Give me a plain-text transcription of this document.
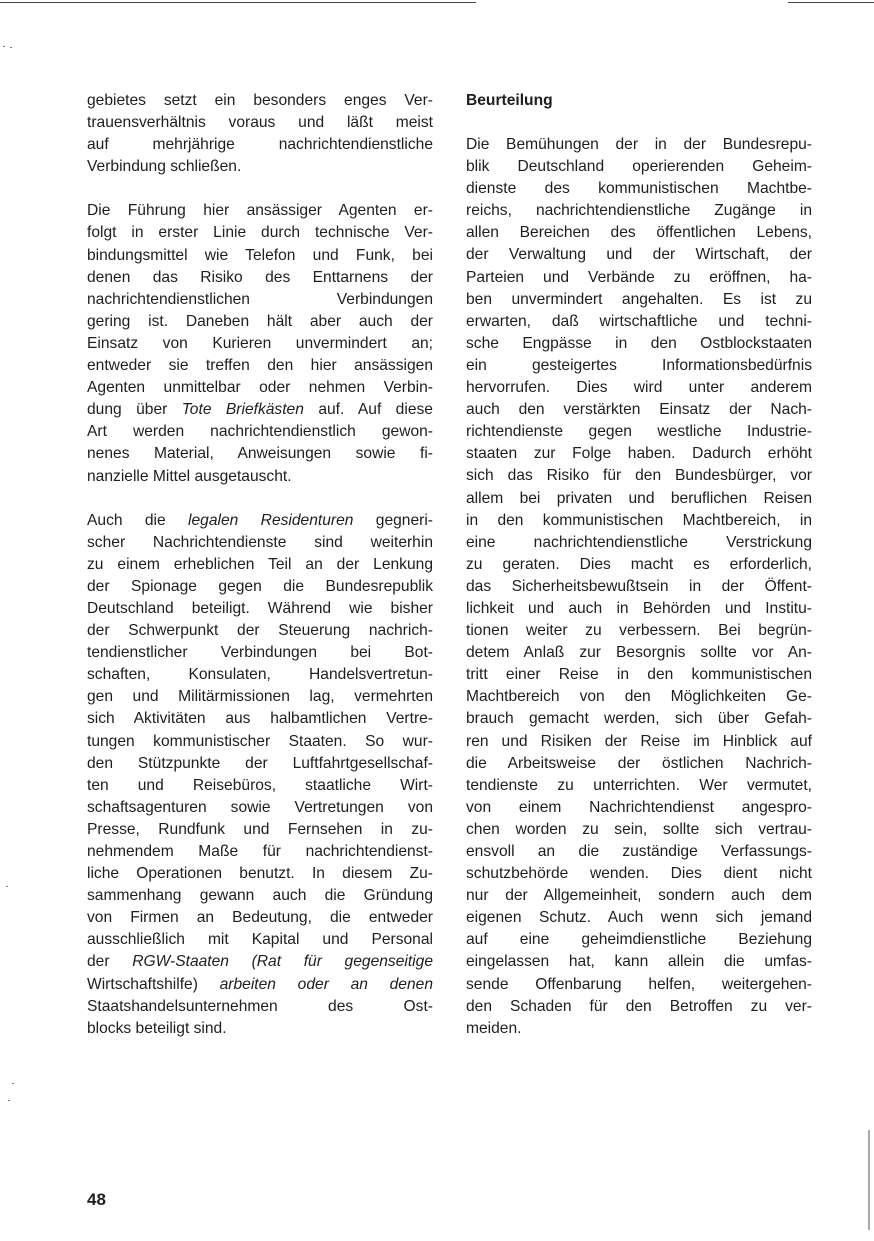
gebietes setzt ein besonders enges Ver-
trauensverhältnis voraus und läßt meist
auf mehrjährige nachrichtendienstliche
Verbindung schließen.
Die Führung hier ansässiger Agenten er-
folgt in erster Linie durch technische Ver-
bindungsmittel wie Telefon und Funk, bei
denen das Risiko des Enttarnens der
nachrichtendienstlichen Verbindungen
gering ist. Daneben hält aber auch der
Einsatz von Kurieren unvermindert an;
entweder sie treffen den hier ansässigen
Agenten unmittelbar oder nehmen Verbin-
dung über Tote Briefkästen auf. Auf diese
Art werden nachrichtendienstlich gewon-
nenes Material, Anweisungen sowie fi-
nanzielle Mittel ausgetauscht.
Auch die legalen Residenturen gegneri-
scher Nachrichtendienste sind weiterhin
zu einem erheblichen Teil an der Lenkung
der Spionage gegen die Bundesrepublik
Deutschland beteiligt. Während wie bisher
der Schwerpunkt der Steuerung nachrich-
tendienstlicher Verbindungen bei Bot-
schaften, Konsulaten, Handelsvertretun-
gen und Militärmissionen lag, vermehrten
sich Aktivitäten aus halbamtlichen Vertre-
tungen kommunistischer Staaten. So wur-
den Stützpunkte der Luftfahrtgesellschaf-
ten und Reisebüros, staatliche Wirt-
schaftsagenturen sowie Vertretungen von
Presse, Rundfunk und Fernsehen in zu-
nehmendem Maße für nachrichtendienst-
liche Operationen benutzt. In diesem Zu-
sammenhang gewann auch die Gründung
von Firmen an Bedeutung, die entweder
ausschließlich mit Kapital und Personal
der RGW-Staaten (Rat für gegenseitige
Wirtschaftshilfe) arbeiten oder an denen
Staatshandelsunternehmen des Ost-
blocks beteiligt sind.

Beurteilung

Die Bemühungen der in der Bundesrepu-
blik Deutschland operierenden Geheim-
dienste des kommunistischen Machtbe-
reichs, nachrichtendienstliche Zugänge in
allen Bereichen des öffentlichen Lebens,
der Verwaltung und der Wirtschaft, der
Parteien und Verbände zu eröffnen, ha-
ben unvermindert angehalten. Es ist zu
erwarten, daß wirtschaftliche und techni-
sche Engpässe in den Ostblockstaaten
ein gesteigertes Informationsbedürfnis
hervorrufen. Dies wird unter anderem
auch den verstärkten Einsatz der Nach-
richtendienste gegen westliche Industrie-
staaten zur Folge haben. Dadurch erhöht
sich das Risiko für den Bundesbürger, vor
allem bei privaten und beruflichen Reisen
in den kommunistischen Machtbereich, in
eine nachrichtendienstliche Verstrickung
zu geraten. Dies macht es erforderlich,
das Sicherheitsbewußtsein in der Öffent-
lichkeit und auch in Behörden und Institu-
tionen weiter zu verbessern. Bei begrün-
detem Anlaß zur Besorgnis sollte vor An-
tritt einer Reise in den kommunistischen
Machtbereich von den Möglichkeiten Ge-
brauch gemacht werden, sich über Gefah-
ren und Risiken der Reise im Hinblick auf
die Arbeitsweise der östlichen Nachrich-
tendienste zu unterrichten. Wer vermutet,
von einem Nachrichtendienst angespro-
chen worden zu sein, sollte sich vertrau-
ensvoll an die zuständige Verfassungs-
schutzbehörde wenden. Dies dient nicht
nur der Allgemeinheit, sondern auch dem
eigenen Schutz. Auch wenn sich jemand
auf eine geheimdienstliche Beziehung
eingelassen hat, kann allein die umfas-
sende Offenbarung helfen, weitergehen-
den Schaden für den Betroffen zu ver-
meiden.
48
